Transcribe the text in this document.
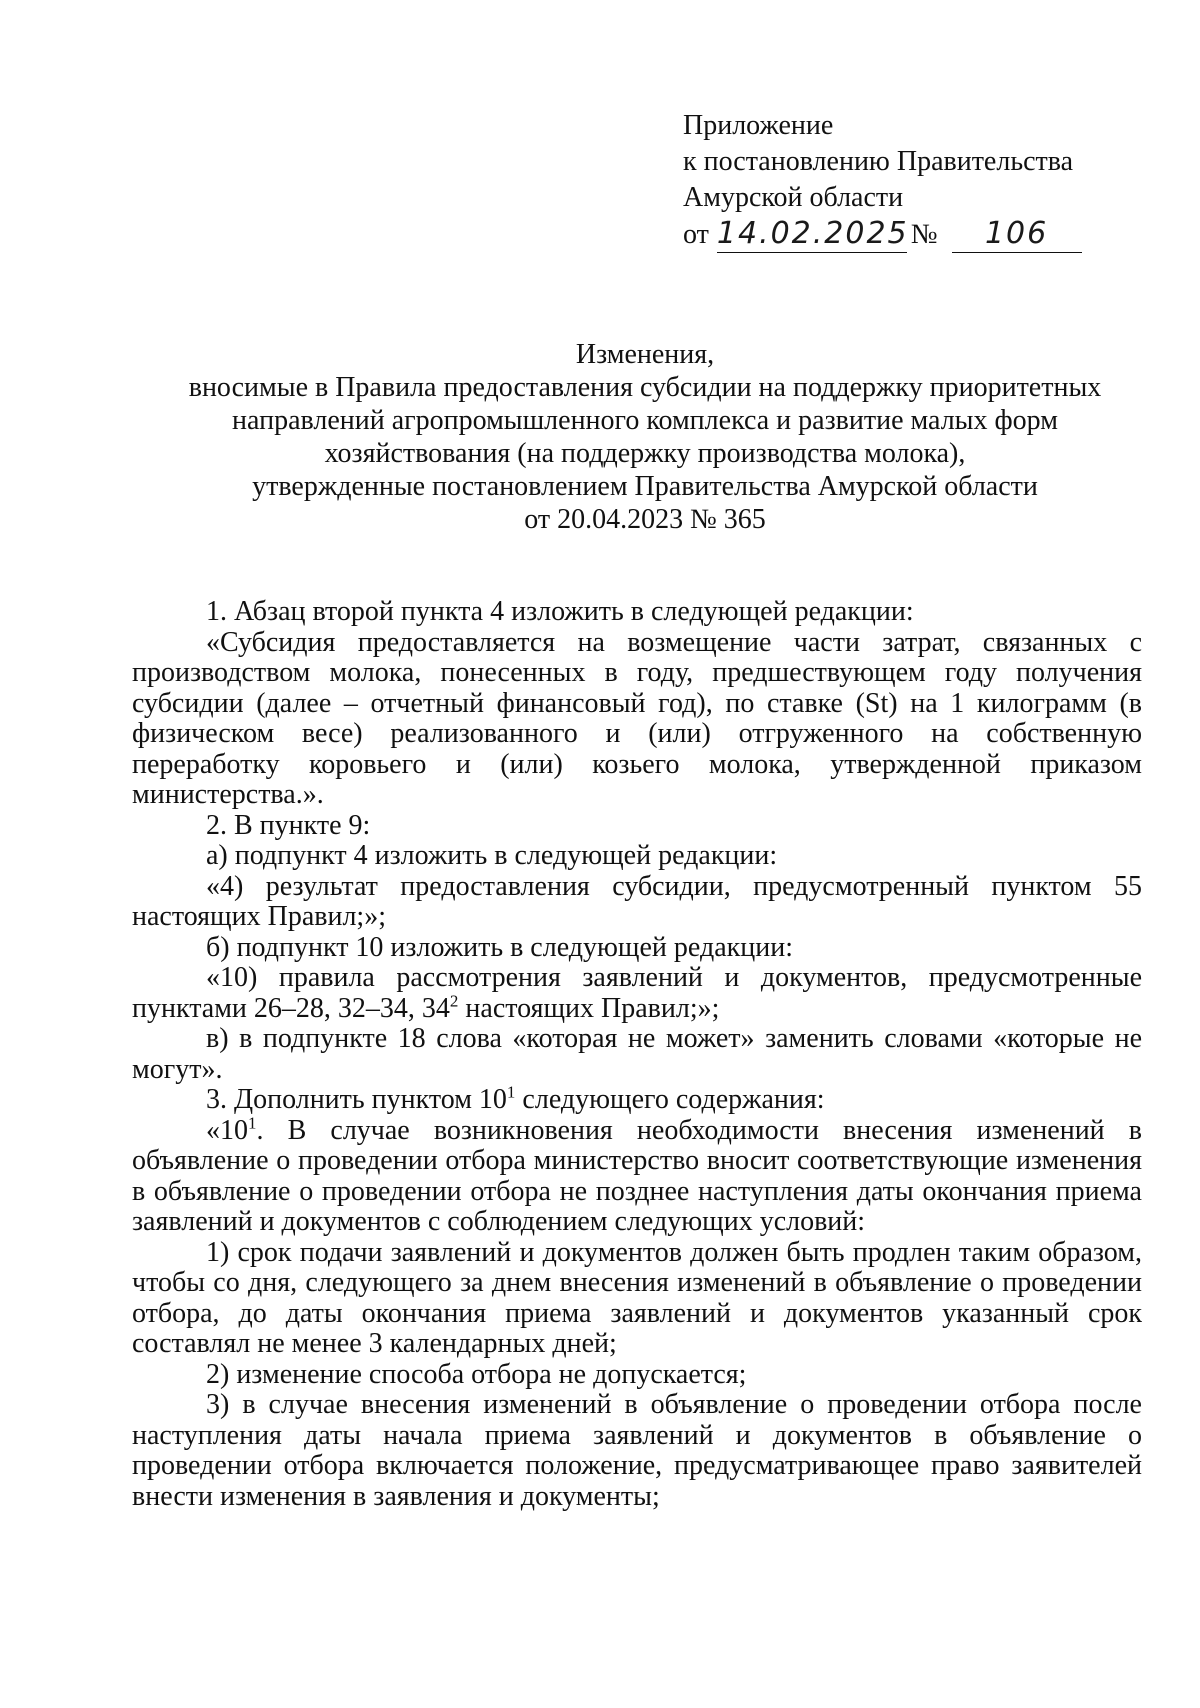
Приложение
к постановлению Правительства
Амурской области
от 14.02.2025 №	106
Изменения,
вносимые в Правила предоставления субсидии на поддержку приоритетных
направлений агропромышленного комплекса и развитие малых форм
хозяйствования (на поддержку производства молока),
утвержденные постановлением Правительства Амурской области
от 20.04.2023 № 365

1. Абзац второй пункта 4 изложить в следующей редакции:

«Субсидия предоставляется на возмещение части затрат, связанных с производством молока, понесенных в году, предшествующем году получения субсидии (далее – отчетный финансовый год), по ставке (St) на 1 килограмм (в физическом весе) реализованного и (или) отгруженного на собственную переработку коровьего и (или) козьего молока, утвержденной приказом министерства.».

2. В пункте 9:

а) подпункт 4 изложить в следующей редакции:

«4) результат предоставления субсидии, предусмотренный пунктом 55 настоящих Правил;»;

б) подпункт 10 изложить в следующей редакции:

«10) правила рассмотрения заявлений и документов, предусмотренные пунктами 26–28, 32–34, $34^2$ настоящих Правил;»;

в) в подпункте 18 слова «которая не может» заменить словами «которые не могут».

3. Дополнить пунктом $10^1$ следующего содержания:

«$10^1$. В случае возникновения необходимости внесения изменений в объявление о проведении отбора министерство вносит соответствующие изменения в объявление о проведении отбора не позднее наступления даты окончания приема заявлений и документов с соблюдением следующих условий:

1) срок подачи заявлений и документов должен быть продлен таким образом, чтобы со дня, следующего за днем внесения изменений в объявление о проведении отбора, до даты окончания приема заявлений и документов указанный срок составлял не менее 3 календарных дней;

2) изменение способа отбора не допускается;

3) в случае внесения изменений в объявление о проведении отбора после наступления даты начала приема заявлений и документов в объявление о проведении отбора включается положение, предусматривающее право заявителей внести изменения в заявления и документы;
